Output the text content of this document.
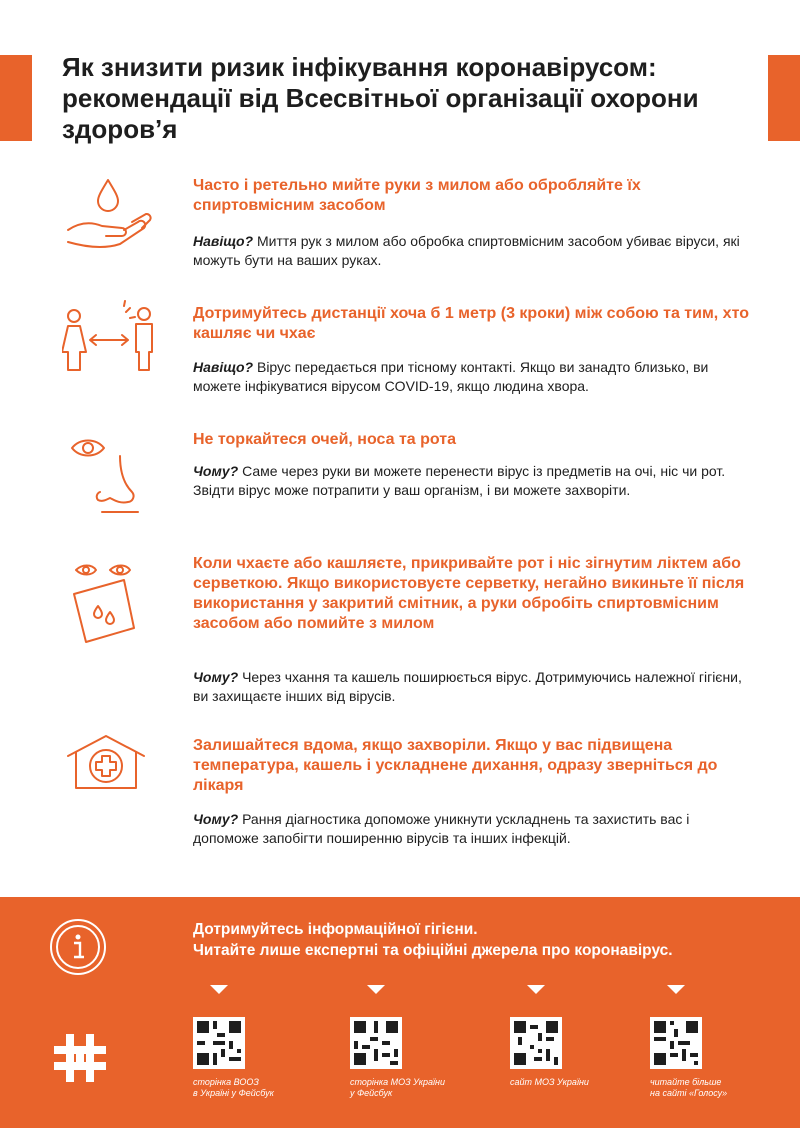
Як знизити ризик інфікування коронавірусом: рекомендації від Всесвітньої організації охорони здоров’я

Часто і ретельно мийте руки з милом або обробляйте їх спиртовмісним засобом

Навіщо? Миття рук з милом або обробка спиртовмісним засобом убиває віруси, які можуть бути на ваших руках.

Дотримуйтесь дистанції хоча б 1 метр (3 кроки) між собою та тим, хто кашляє чи чхає

Навіщо? Вірус передається при тісному контакті. Якщо ви занадто близько, ви можете інфікуватися вірусом COVID-19, якщо людина хвора.

Не торкайтеся очей, носа та рота

Чому? Саме через руки ви можете перенести вірус із предметів на очі, ніс чи рот. Звідти вірус може потрапити у ваш організм, і ви можете захворіти.

Коли чхаєте або кашляєте, прикривайте рот і ніс зігнутим ліктем або серветкою. Якщо використовуєте серветку, негайно викиньте її після використання у закритий смітник, а руки обробіть спиртовмісним засобом або помийте з милом

Чому? Через чхання та кашель поширюється вірус. Дотримуючись належної гігієни, ви захищаєте інших від вірусів.

Залишайтеся вдома, якщо захворіли. Якщо у вас підвищена температура, кашель і ускладнене дихання, одразу зверніться до лікаря

Чому? Рання діагностика допоможе уникнути ускладнень та захистить вас і допоможе запобігти поширенню вірусів та інших інфекцій.

Дотримуйтесь інформаційної гігієни.
Читайте лише експертні та офіційні джерела про коронавірус.

сторінка ВООЗ
в Україні у Фейсбук

сторінка МОЗ України
у Фейсбук

сайт МОЗ України	читайте більше
на сайті «Голосу»
